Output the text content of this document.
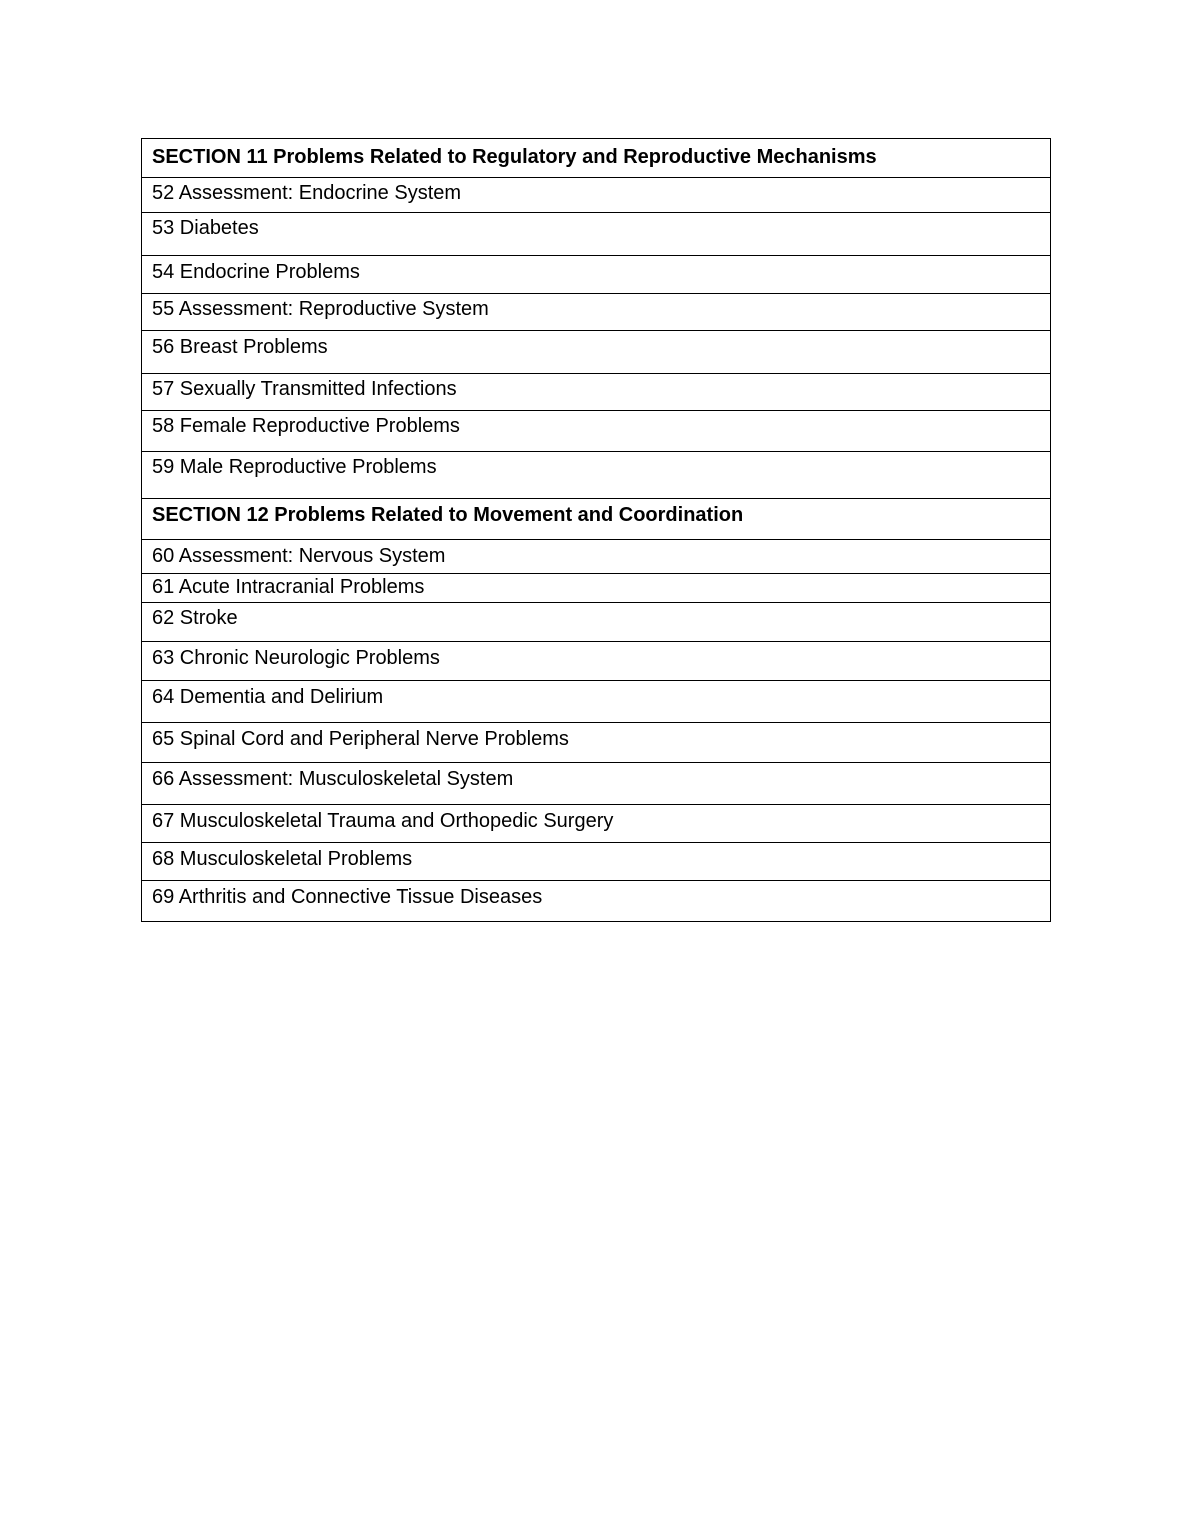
SECTION 11 Problems Related to Regulatory and Reproductive Mechanisms
52 Assessment: Endocrine System
53 Diabetes
54 Endocrine Problems
55 Assessment: Reproductive System
56 Breast Problems
57 Sexually Transmitted Infections
58 Female Reproductive Problems
59 Male Reproductive Problems
SECTION 12 Problems Related to Movement and Coordination
60 Assessment: Nervous System
61 Acute Intracranial Problems
62 Stroke
63 Chronic Neurologic Problems
64 Dementia and Delirium
65 Spinal Cord and Peripheral Nerve Problems
66 Assessment: Musculoskeletal System
67 Musculoskeletal Trauma and Orthopedic Surgery
68 Musculoskeletal Problems
69 Arthritis and Connective Tissue Diseases
